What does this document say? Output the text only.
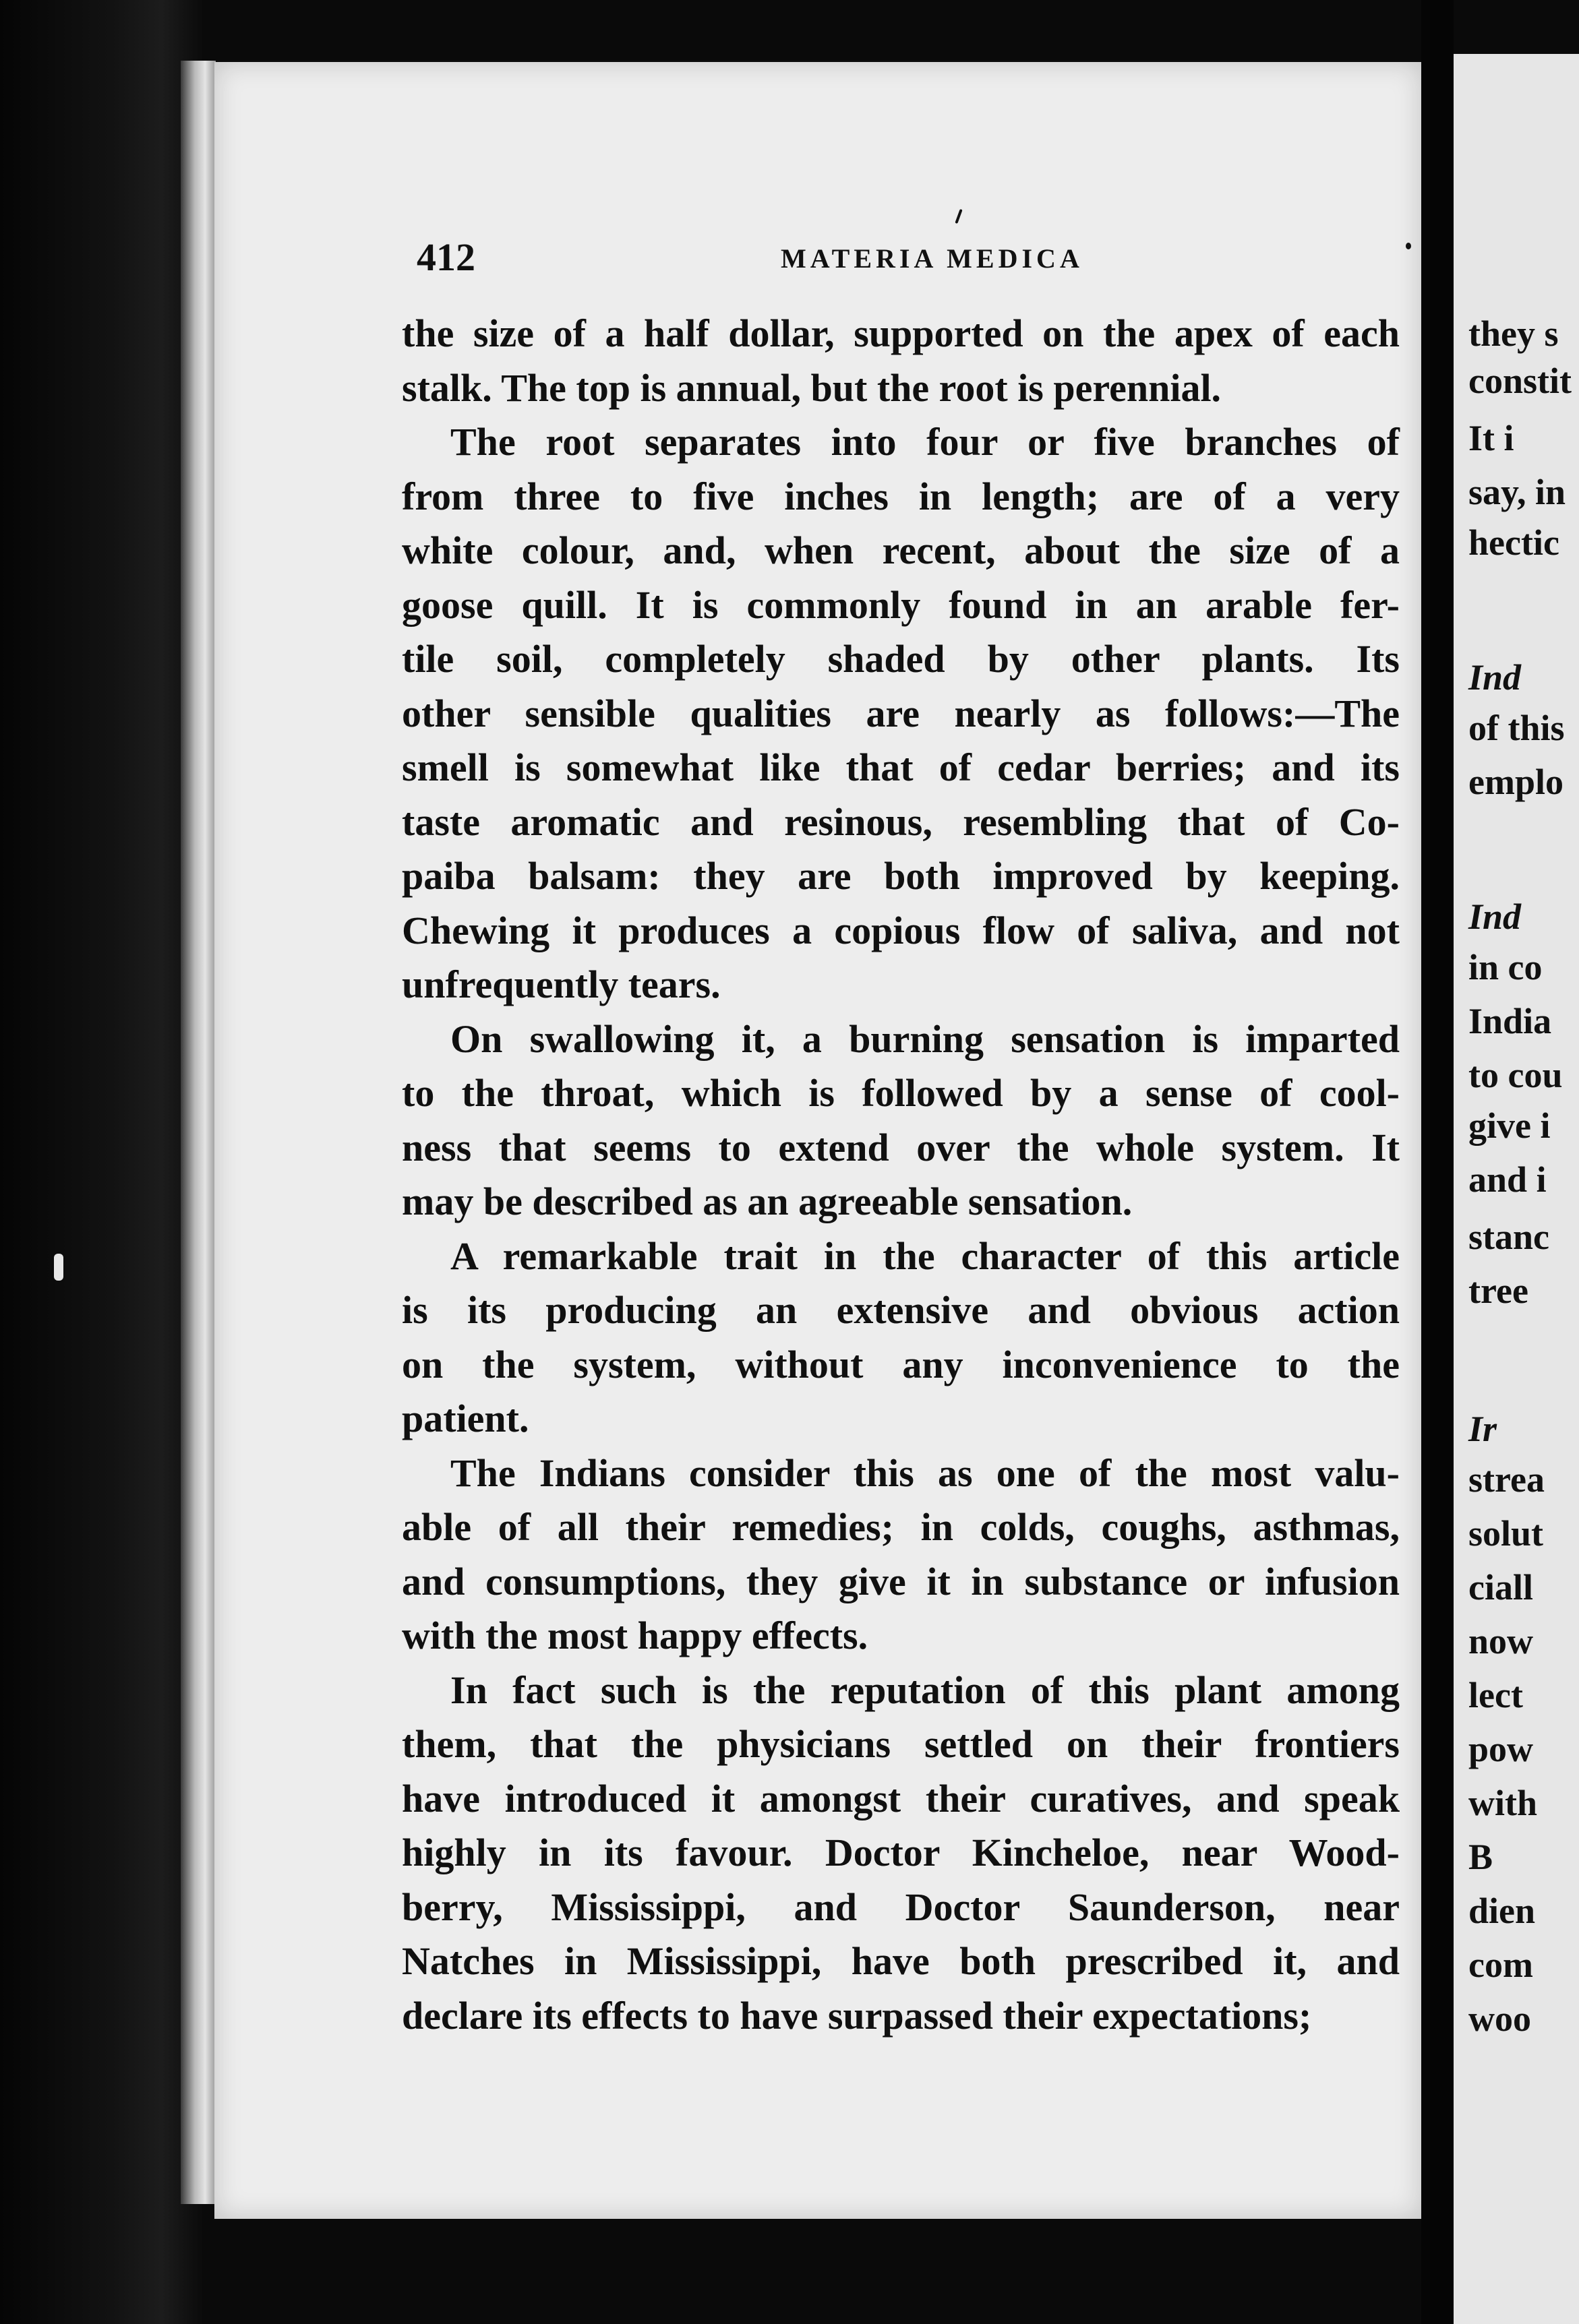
412	MATERIA MEDICA
the size of a half dollar, supported on the apex of each
stalk. The top is annual, but the root is perennial.
The root separates into four or five branches of
from three to five inches in length; are of a very
white colour, and, when recent, about the size of a
goose quill. It is commonly found in an arable fer-
tile soil, completely shaded by other plants. Its
other sensible qualities are nearly as follows:—The
smell is somewhat like that of cedar berries; and its
taste aromatic and resinous, resembling that of Co-
paiba balsam: they are both improved by keeping.
Chewing it produces a copious flow of saliva, and not
unfrequently tears.
On swallowing it, a burning sensation is imparted
to the throat, which is followed by a sense of cool-
ness that seems to extend over the whole system. It
may be described as an agreeable sensation.
A remarkable trait in the character of this article
is its producing an extensive and obvious action
on the system, without any inconvenience to the
patient.
The Indians consider this as one of the most valu-
able of all their remedies; in colds, coughs, asthmas,
and consumptions, they give it in substance or infusion
with the most happy effects.
In fact such is the reputation of this plant among
them, that the physicians settled on their frontiers
have introduced it amongst their curatives, and speak
highly in its favour. Doctor Kincheloe, near Wood-
berry, Mississippi, and Doctor Saunderson, near
Natches in Mississippi, have both prescribed it, and
declare its effects to have surpassed their expectations;
they s
constit
It i
say, in
hectic
Ind
of this
emplo
Ind
in co
India
to cou
give i
and i
stanc
tree
Ir
strea
solut
ciall
now
lect
pow
with
B
dien
com
woo
